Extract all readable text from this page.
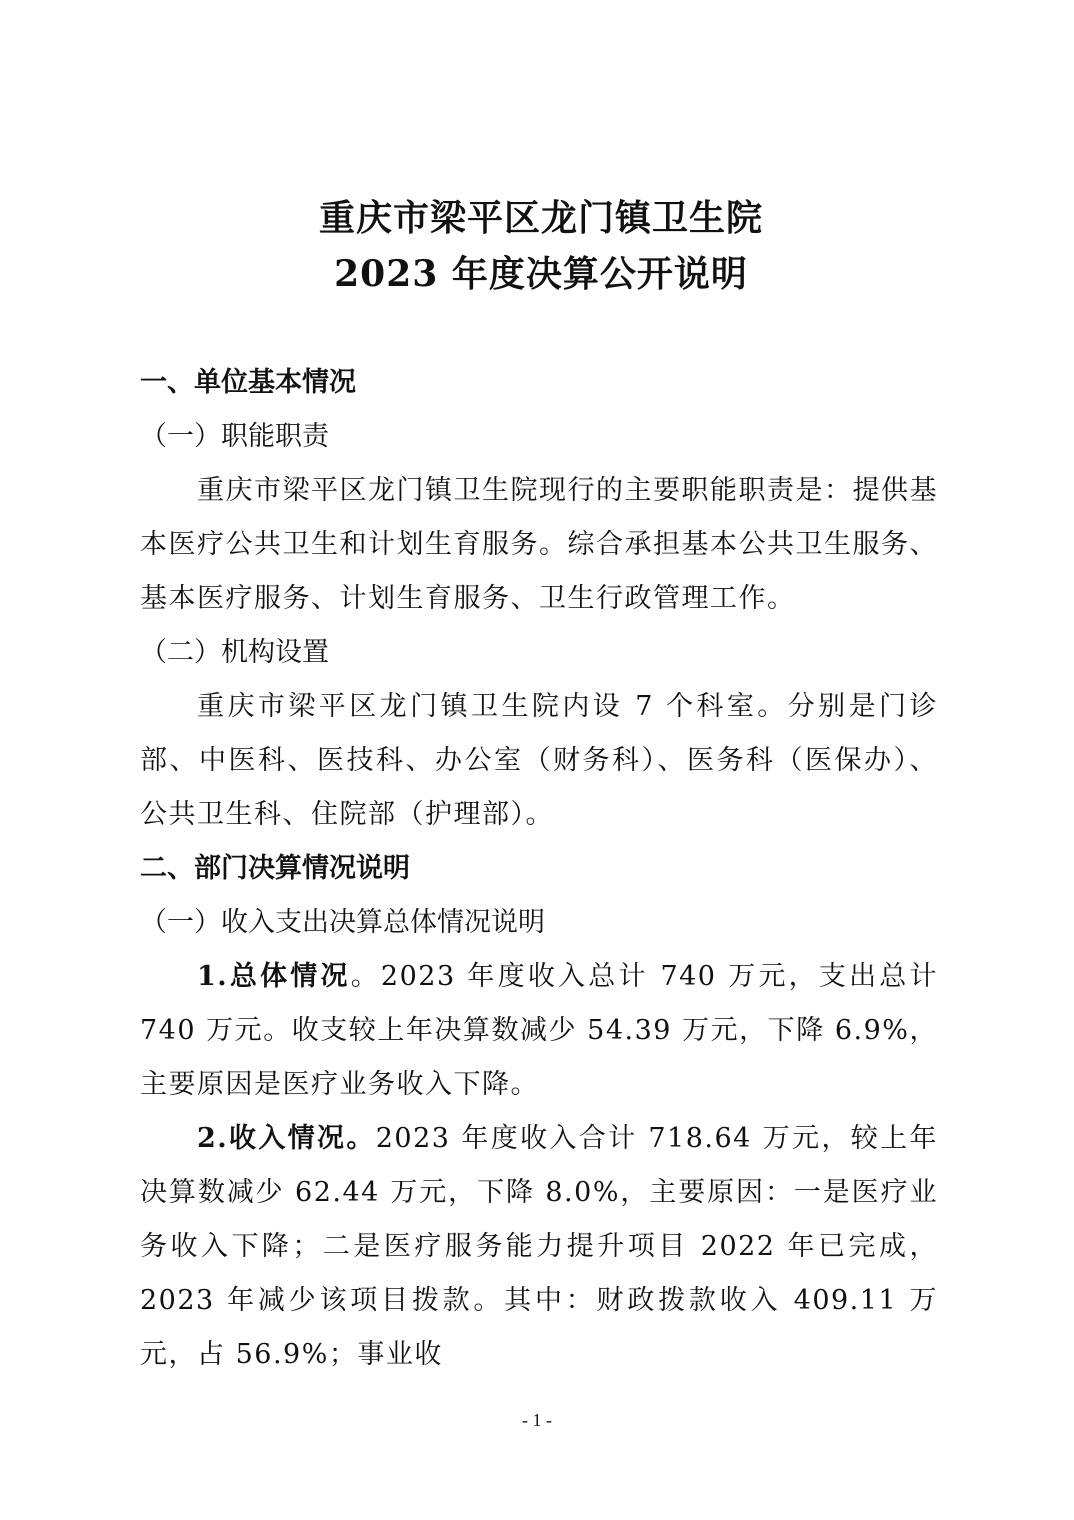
重庆市梁平区龙门镇卫生院
2023 年度决算公开说明

一、单位基本情况

（一）职能职责

重庆市梁平区龙门镇卫生院现行的主要职能职责是：提供基本医疗公共卫生和计划生育服务。综合承担基本公共卫生服务、基本医疗服务、计划生育服务、卫生行政管理工作。

（二）机构设置

重庆市梁平区龙门镇卫生院内设 7 个科室。分别是门诊部、中医科、医技科、办公室（财务科）、医务科（医保办）、公共卫生科、住院部（护理部）。

二、部门决算情况说明

（一）收入支出决算总体情况说明

1.总体情况。2023 年度收入总计 740 万元，支出总计 740 万元。收支较上年决算数减少 54.39 万元，下降 6.9%，主要原因是医疗业务收入下降。

2.收入情况。2023 年度收入合计 718.64 万元，较上年决算数减少 62.44 万元，下降 8.0%，主要原因：一是医疗业务收入下降；二是医疗服务能力提升项目 2022 年已完成，2023 年减少该项目拨款。其中：财政拨款收入 409.11 万元，占 56.9%；事业收

- 1 -
